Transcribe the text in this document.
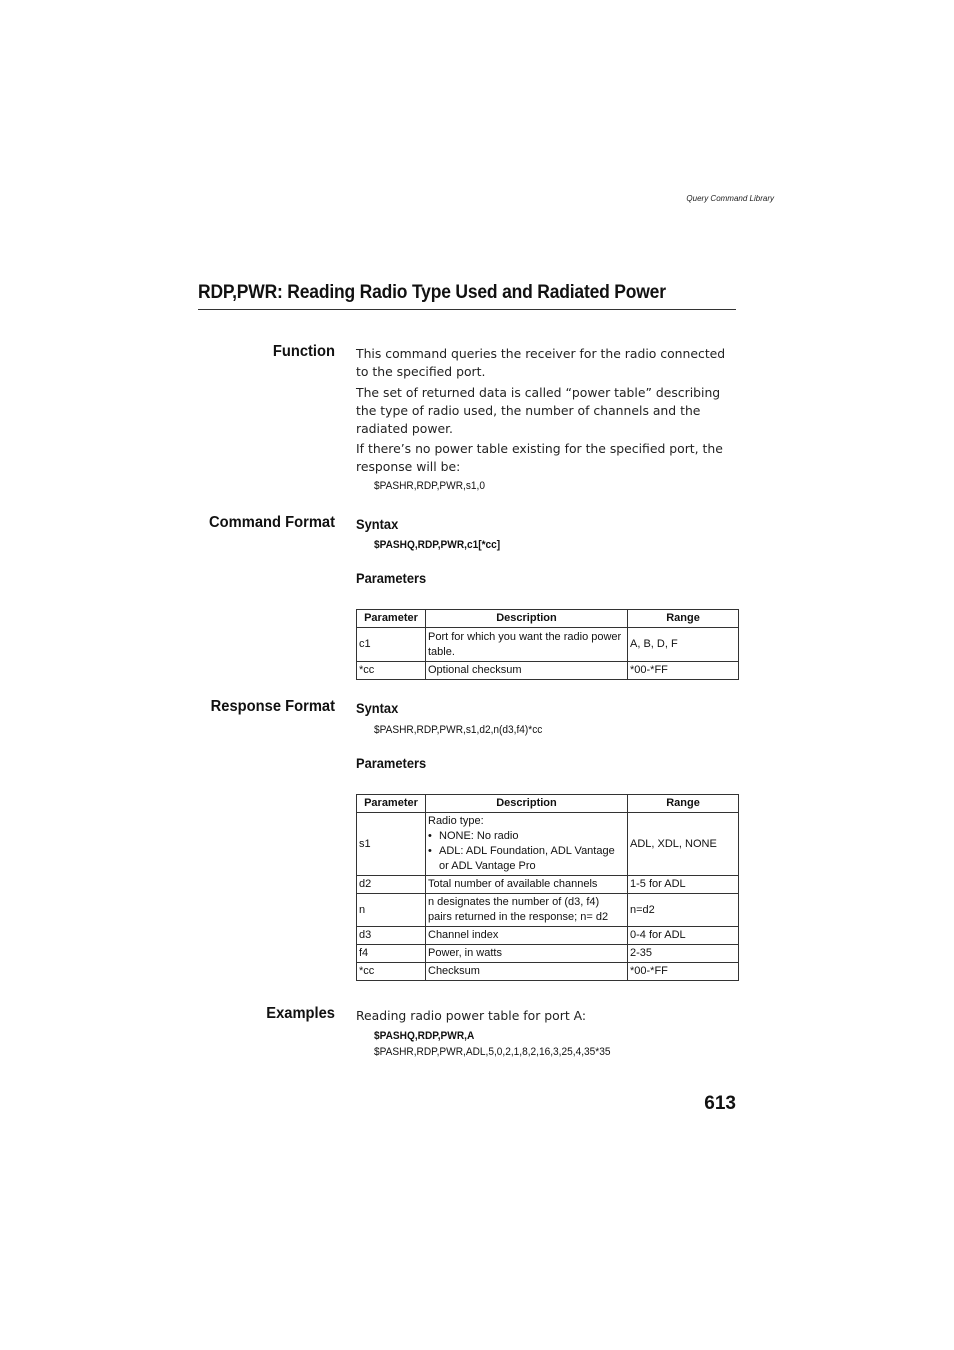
Query Command Library
RDP,PWR: Reading Radio Type Used and Radiated Power
Function This command queries the receiver for the radio connected to the specified port.
The set of returned data is called “power table” describing the type of radio used, the number of channels and the radiated power.
If there’s no power table existing for the specified port, the response will be:
$PASHR,RDP,PWR,s1,0
Command Format Syntax
$PASHQ,RDP,PWR,c1[*cc]
Parameters
Parameter	Description	Range
c1	Port for which you want the radio power table.	A, B, D, F
*cc	Optional checksum	*00-*FF
Response Format Syntax
$PASHR,RDP,PWR,s1,d2,n(d3,f4)*cc
Parameters
Parameter	Description	Range
s1	Radio type:
• NONE: No radio
• ADL: ADL Foundation, ADL Vantage or ADL Vantage Pro	ADL, XDL, NONE
d2	Total number of available channels	1-5 for ADL
n	n designates the number of (d3, f4) pairs returned in the response; n= d2	n=d2
d3	Channel index	0-4 for ADL
f4	Power, in watts	2-35
*cc	Checksum	*00-*FF
Examples Reading radio power table for port A:
$PASHQ,RDP,PWR,A
$PASHR,RDP,PWR,ADL,5,0,2,1,8,2,16,3,25,4,35*35
613
